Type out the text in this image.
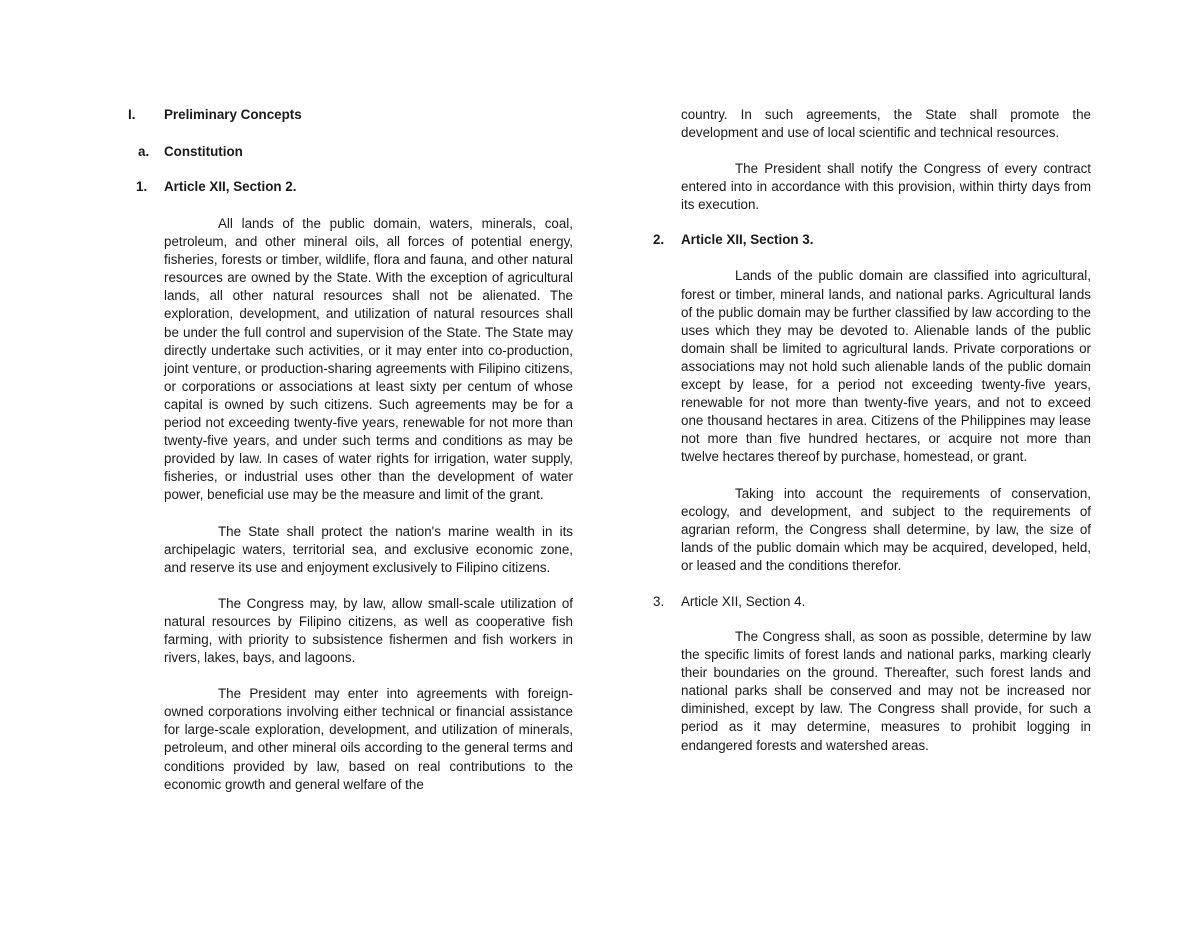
I. Preliminary Concepts
a. Constitution
1. Article XII, Section 2.

All lands of the public domain, waters, minerals, coal, petroleum, and other mineral oils, all forces of potential energy, fisheries, forests or timber, wildlife, flora and fauna, and other natural resources are owned by the State. With the exception of agricultural lands, all other natural resources shall not be alienated. The exploration, development, and utilization of natural resources shall be under the full control and supervision of the State. The State may directly undertake such activities, or it may enter into co-production, joint venture, or production-sharing agreements with Filipino citizens, or corporations or associations at least sixty per centum of whose capital is owned by such citizens. Such agreements may be for a period not exceeding twenty-five years, renewable for not more than twenty-five years, and under such terms and conditions as may be provided by law. In cases of water rights for irrigation, water supply, fisheries, or industrial uses other than the development of water power, beneficial use may be the measure and limit of the grant.

The State shall protect the nation's marine wealth in its archipelagic waters, territorial sea, and exclusive economic zone, and reserve its use and enjoyment exclusively to Filipino citizens.

The Congress may, by law, allow small-scale utilization of natural resources by Filipino citizens, as well as cooperative fish farming, with priority to subsistence fishermen and fish workers in rivers, lakes, bays, and lagoons.

The President may enter into agreements with foreign-owned corporations involving either technical or financial assistance for large-scale exploration, development, and utilization of minerals, petroleum, and other mineral oils according to the general terms and conditions provided by law, based on real contributions to the economic growth and general welfare of the

country. In such agreements, the State shall promote the development and use of local scientific and technical resources.

The President shall notify the Congress of every contract entered into in accordance with this provision, within thirty days from its execution.

2. Article XII, Section 3.

Lands of the public domain are classified into agricultural, forest or timber, mineral lands, and national parks. Agricultural lands of the public domain may be further classified by law according to the uses which they may be devoted to. Alienable lands of the public domain shall be limited to agricultural lands. Private corporations or associations may not hold such alienable lands of the public domain except by lease, for a period not exceeding twenty-five years, renewable for not more than twenty-five years, and not to exceed one thousand hectares in area. Citizens of the Philippines may lease not more than five hundred hectares, or acquire not more than twelve hectares thereof by purchase, homestead, or grant.

Taking into account the requirements of conservation, ecology, and development, and subject to the requirements of agrarian reform, the Congress shall determine, by law, the size of lands of the public domain which may be acquired, developed, held, or leased and the conditions therefor.

3. Article XII, Section 4.

The Congress shall, as soon as possible, determine by law the specific limits of forest lands and national parks, marking clearly their boundaries on the ground. Thereafter, such forest lands and national parks shall be conserved and may not be increased nor diminished, except by law. The Congress shall provide, for such a period as it may determine, measures to prohibit logging in endangered forests and watershed areas.
